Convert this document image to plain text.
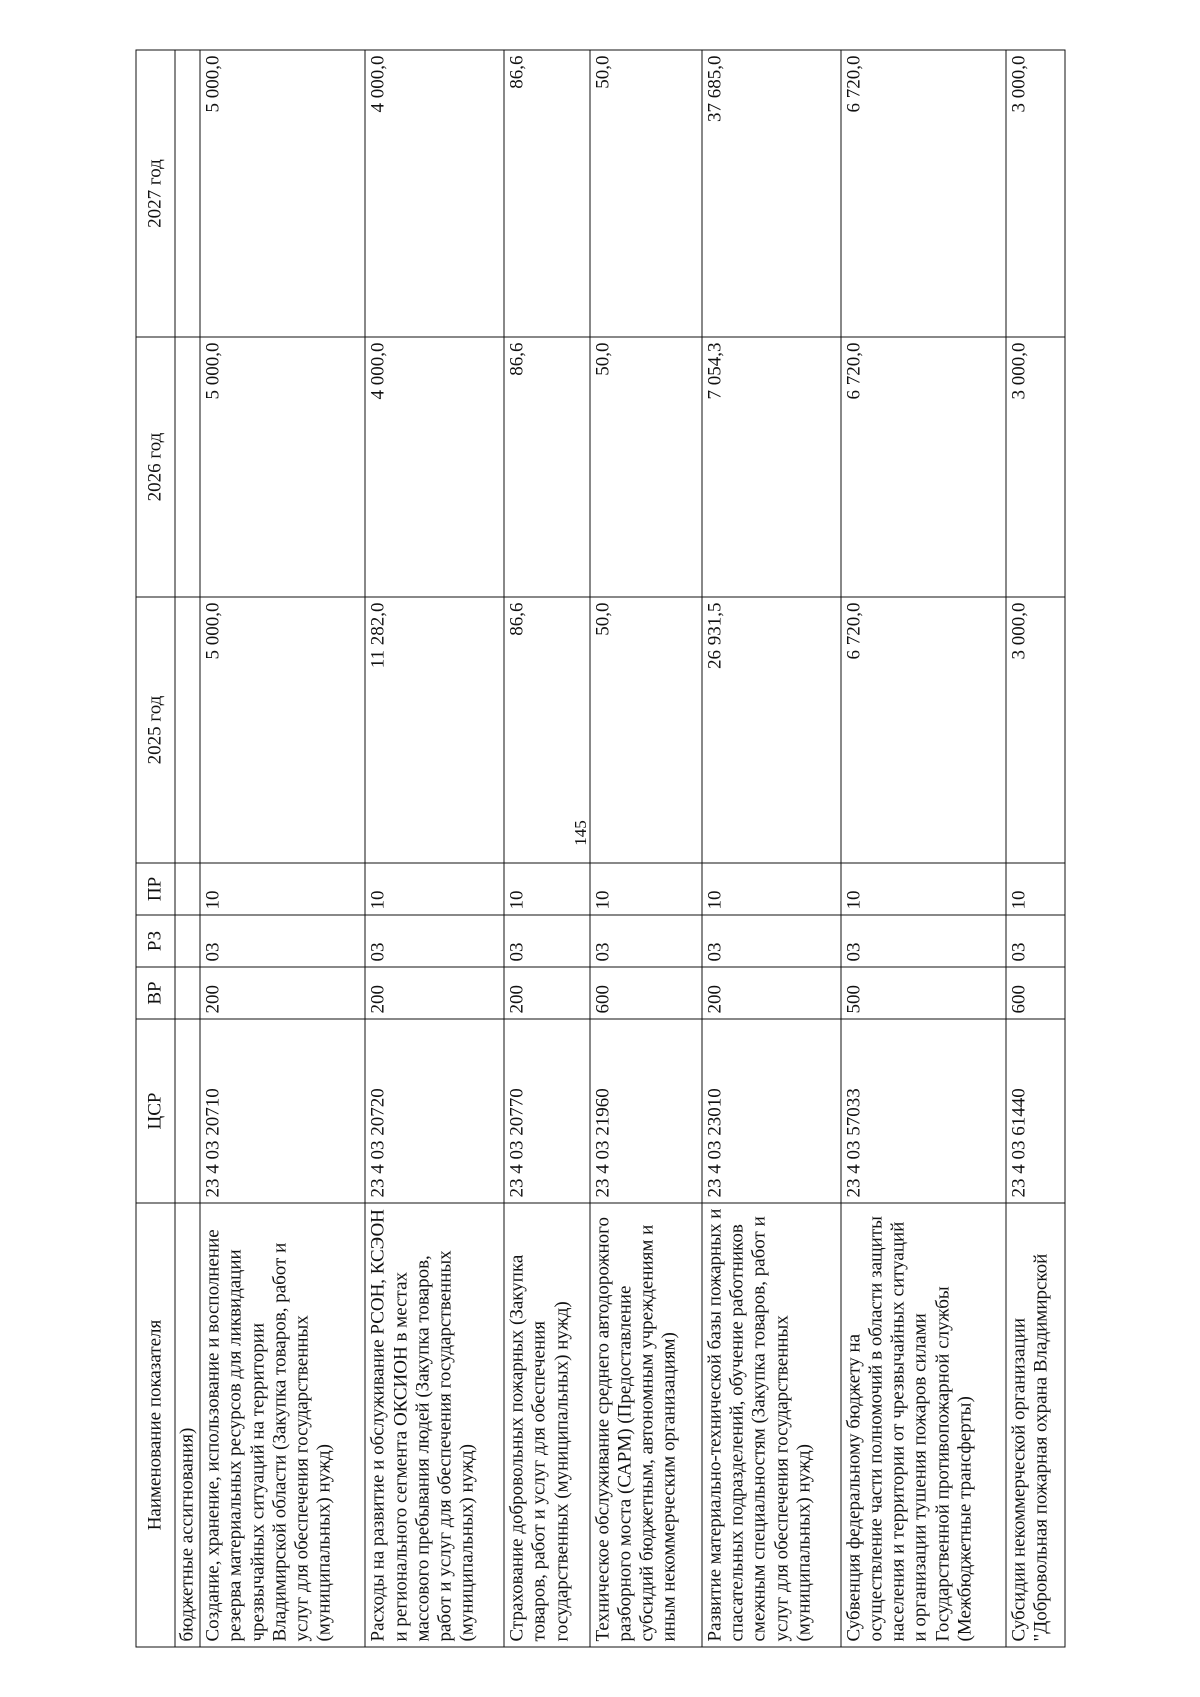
145
Наименование показателя	ЦСР	ВР	РЗ	ПР	2025 год	2026 год	2027 год
бюджетные ассигнования)							
Создание, хранение, использование и восполнение резерва материальных ресурсов для ликвидации чрезвычайных ситуаций на территории Владимирской области (Закупка товаров, работ и услуг для обеспечения государственных (муниципальных) нужд)	23 4 03 20710	200	03	10	5 000,0	5 000,0	5 000,0
Расходы на развитие и обслуживание РСОН, КСЭОН и регионального сегмента ОКСИОН в местах массового пребывания людей (Закупка товаров, работ и услуг для обеспечения государственных (муниципальных) нужд)	23 4 03 20720	200	03	10	11 282,0	4 000,0	4 000,0
Страхование добровольных пожарных (Закупка товаров, работ и услуг для обеспечения государственных (муниципальных) нужд)	23 4 03 20770	200	03	10	86,6	86,6	86,6
Техническое обслуживание среднего автодорожного разборного моста (САРМ) (Предоставление субсидий бюджетным, автономным учреждениям и иным некоммерческим организациям)	23 4 03 21960	600	03	10	50,0	50,0	50,0
Развитие материально-технической базы пожарных и спасательных подразделений, обучение работников смежным специальностям (Закупка товаров, работ и услуг для обеспечения государственных (муниципальных) нужд)	23 4 03 23010	200	03	10	26 931,5	7 054,3	37 685,0
Субвенция федеральному бюджету на осуществление части полномочий в области защиты населения и территории от чрезвычайных ситуаций и организации тушения пожаров силами Государственной противопожарной службы (Межбюджетные трансферты)	23 4 03 57033	500	03	10	6 720,0	6 720,0	6 720,0
Субсидии некоммерческой организации "Добровольная пожарная охрана Владимирской	23 4 03 61440	600	03	10	3 000,0	3 000,0	3 000,0
